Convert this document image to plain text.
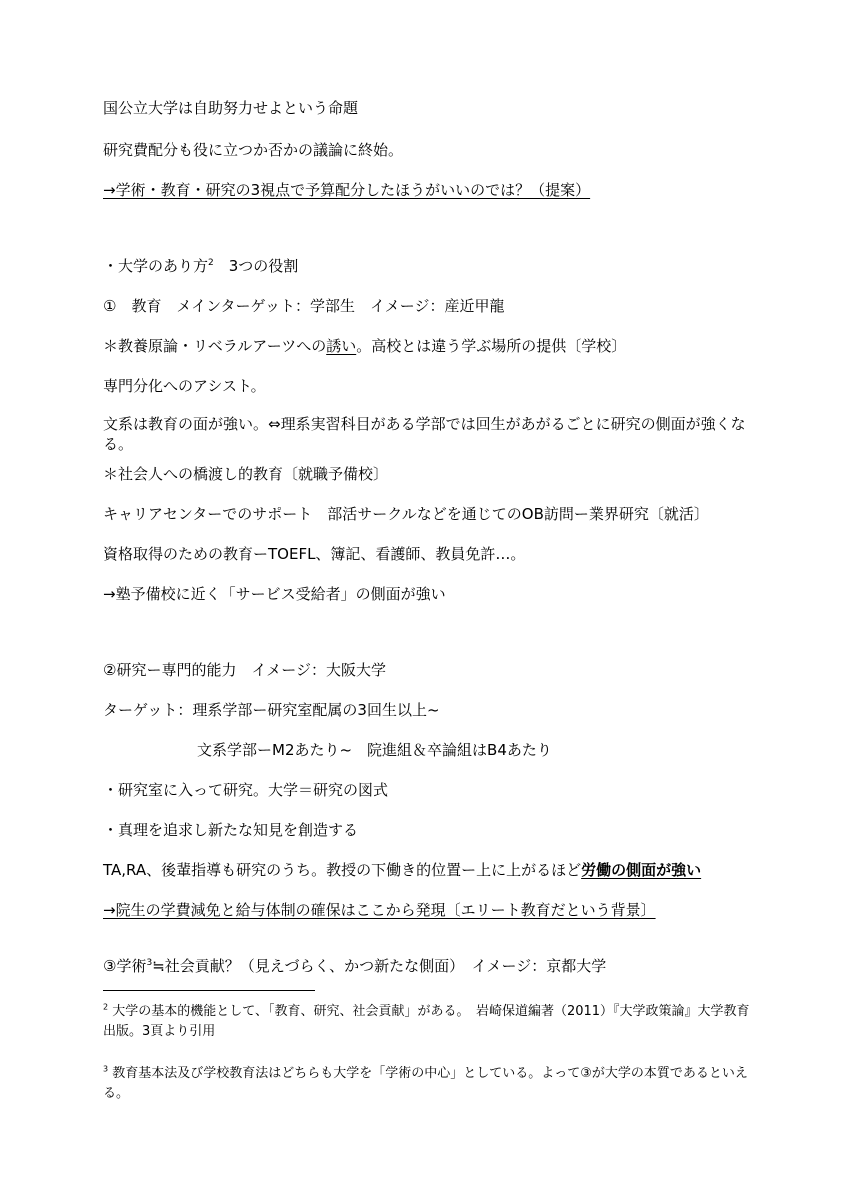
国公立大学は自助努力せよという命題

研究費配分も役に立つか否かの議論に終始。

→学術・教育・研究の3視点で予算配分したほうがいいのでは？（提案）

・大学のあり方$^2$　3つの役割

①　教育　メインターゲット：学部生　イメージ：産近甲龍

＊教養原論・リベラルアーツへの誘い。高校とは違う学ぶ場所の提供〔学校〕

専門分化へのアシスト。

文系は教育の面が強い。⇔理系実習科目がある学部では回生があがるごとに研究の側面が強くなる。

＊社会人への橋渡し的教育〔就職予備校〕

キャリアセンターでのサポート　部活サークルなどを通じてのOB訪問ー業界研究〔就活〕

資格取得のための教育ーTOEFL、簿記、看護師、教員免許…。

→塾予備校に近く「サービス受給者」の側面が強い

②研究ー専門的能力　イメージ：大阪大学

ターゲット：理系学部ー研究室配属の3回生以上~

文系学部ーM2あたり~　院進組＆卒論組はB4あたり

・研究室に入って研究。大学＝研究の図式

・真理を追求し新たな知見を創造する

TA,RA、後輩指導も研究のうち。教授の下働き的位置ー上に上がるほど労働の側面が強い

→院生の学費減免と給与体制の確保はここから発現〔エリート教育だという背景〕

③学術$^3$≒社会貢献？（見えづらく、かつ新たな側面）　イメージ：京都大学

$^2$ 大学の基本的機能として、「教育、研究、社会貢献」がある。　岩崎保道編著（2011）『大学政策論』大学教育出版。3頁より引用

$^3$ 教育基本法及び学校教育法はどちらも大学を「学術の中心」としている。よって③が大学の本質であるといえる。
